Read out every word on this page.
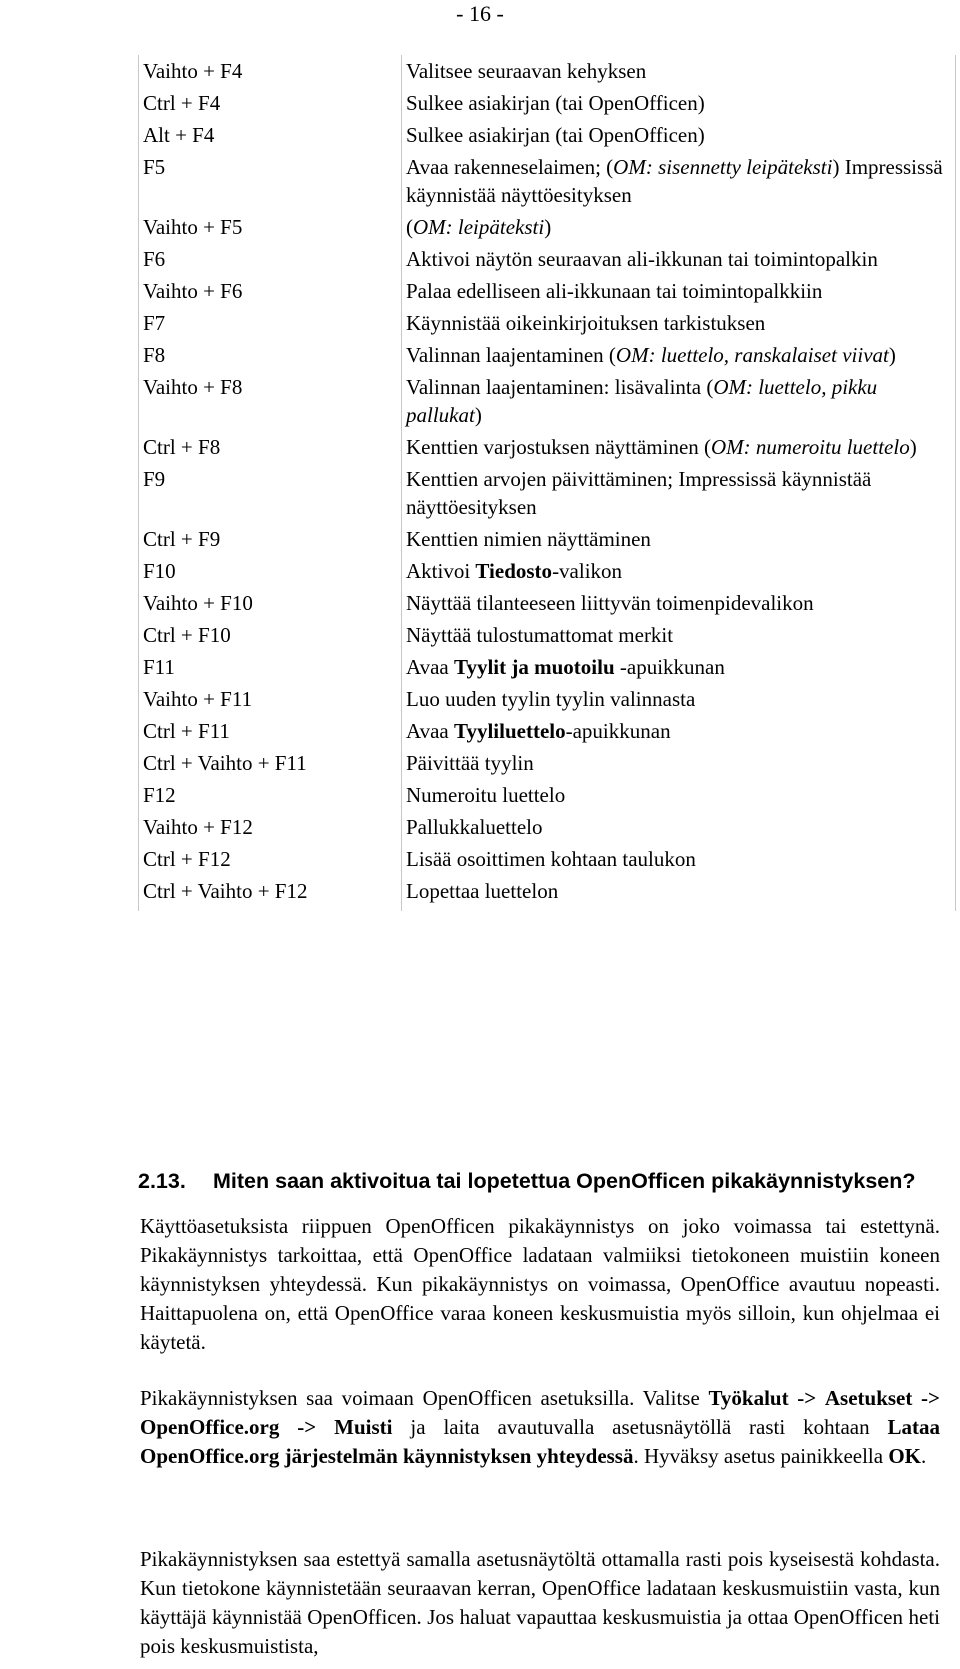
- 16 -
Vaihto + F4	Valitsee seuraavan kehyksen
Ctrl + F4	Sulkee asiakirjan (tai OpenOfficen)
Alt + F4	Sulkee asiakirjan (tai OpenOfficen)
F5	Avaa rakenneselaimen; (OM: sisennetty leipäteksti) Impressissä käynnistää näyttöesityksen
Vaihto + F5	(OM: leipäteksti)
F6	Aktivoi näytön seuraavan ali-ikkunan tai toimintopalkin
Vaihto + F6	Palaa edelliseen ali-ikkunaan tai toimintopalkkiin
F7	Käynnistää oikeinkirjoituksen tarkistuksen
F8	Valinnan laajentaminen (OM: luettelo, ranskalaiset viivat)
Vaihto + F8	Valinnan laajentaminen: lisävalinta (OM: luettelo, pikku pallukat)
Ctrl + F8	Kenttien varjostuksen näyttäminen (OM: numeroitu luettelo)
F9	Kenttien arvojen päivittäminen; Impressissä käynnistää näyttöesityksen
Ctrl + F9	Kenttien nimien näyttäminen
F10	Aktivoi Tiedosto-valikon
Vaihto + F10	Näyttää tilanteeseen liittyvän toimenpidevalikon
Ctrl + F10	Näyttää tulostumattomat merkit
F11	Avaa Tyylit ja muotoilu -apuikkunan
Vaihto + F11	Luo uuden tyylin tyylin valinnasta
Ctrl + F11	Avaa Tyyliluettelo-apuikkunan
Ctrl + Vaihto + F11	Päivittää tyylin
F12	Numeroitu luettelo
Vaihto + F12	Pallukkaluettelo
Ctrl + F12	Lisää osoittimen kohtaan taulukon
Ctrl + Vaihto + F12	Lopettaa luettelon
2.13. Miten saan aktivoitua tai lopetettua OpenOfficen pikakäynnistyksen?

Käyttöasetuksista riippuen OpenOfficen pikakäynnistys on joko voimassa tai estettynä. Pikakäynnistys tarkoittaa, että OpenOffice ladataan valmiiksi tietokoneen muistiin koneen käynnistyksen yhteydessä. Kun pikakäynnistys on voimassa, OpenOffice avautuu nopeasti. Haittapuolena on, että OpenOffice varaa koneen keskusmuistia myös silloin, kun ohjelmaa ei käytetä.

Pikakäynnistyksen saa voimaan OpenOfficen asetuksilla. Valitse Työkalut -> Asetukset -> OpenOffice.org -> Muisti ja laita avautuvalla asetusnäytöllä rasti kohtaan Lataa OpenOffice.org järjestelmän käynnistyksen yhteydessä. Hyväksy asetus painikkeella OK.

Pikakäynnistyksen saa estettyä samalla asetusnäytöltä ottamalla rasti pois kyseisestä kohdasta. Kun tietokone käynnistetään seuraavan kerran, OpenOffice ladataan keskusmuistiin vasta, kun käyttäjä käynnistää OpenOfficen. Jos haluat vapauttaa keskusmuistia ja ottaa OpenOfficen heti pois keskusmuistista,
